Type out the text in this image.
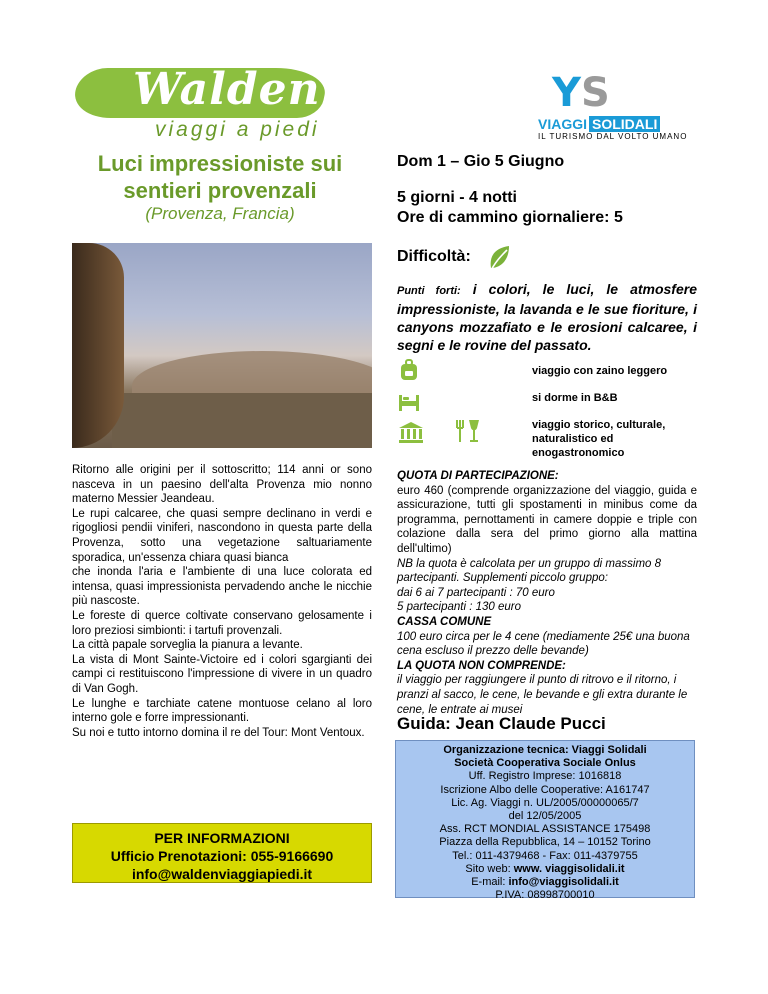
Walden
viaggi a piedi
YS
VIAGGI SOLIDALI
IL TURISMO DAL VOLTO UMANO
Luci impressioniste sui sentieri provenzali
(Provenza, Francia)
Dom 1 – Gio 5 Giugno
5 giorni - 4 notti
Ore di cammino giornaliere: 5
Difficoltà:
Punti forti: i colori, le luci, le atmosfere impressioniste, la lavanda e le sue fioriture, i canyons mozzafiato e le erosioni calcaree, i segni e le rovine del passato.
viaggio con zaino leggero
si dorme in B&B
viaggio storico, culturale, naturalistico ed enogastronomico

Ritorno alle origini per il sottoscritto; 114 anni or sono nasceva in un paesino dell'alta Provenza mio nonno materno Messier Jeandeau.

Le rupi calcaree, che quasi sempre declinano in verdi e rigogliosi pendii viniferi, nascondono in questa parte della Provenza, sotto una vegetazione saltuariamente sporadica, un'essenza chiara quasi bianca

che inonda l'aria e l'ambiente di una luce colorata ed intensa, quasi impressionista pervadendo anche le nicchie più nascoste.

Le foreste di querce coltivate conservano gelosamente i loro preziosi simbionti: i tartufi provenzali.

La città papale sorveglia la pianura a levante.

La vista di Mont Sainte-Victoire ed i colori sgargianti dei campi ci restituiscono l'impressione di vivere in un quadro di Van Gogh.

Le lunghe e tarchiate catene montuose celano al loro interno gole e forre impressionanti.

Su noi e tutto intorno domina il re del Tour: Mont Ventoux.

QUOTA DI PARTECIPAZIONE:

euro 460 (comprende organizzazione del viaggio, guida e assicurazione, tutti gli spostamenti in minibus come da programma, pernottamenti in camere doppie e triple con colazione dalla sera del primo giorno alla mattina dell'ultimo)

NB la quota è calcolata per un gruppo di massimo 8 partecipanti. Supplementi piccolo gruppo:

dai 6 ai 7 partecipanti : 70 euro

5 partecipanti : 130 euro

CASSA COMUNE

100 euro circa per le 4 cene (mediamente 25€ una buona cena escluso il prezzo delle bevande)

LA QUOTA NON COMPRENDE:

il viaggio per raggiungere il punto di ritrovo e il ritorno, i pranzi al sacco, le cene, le bevande e gli extra durante le cene, le entrate ai musei

Guida: Jean Claude Pucci
PER INFORMAZIONI
Ufficio Prenotazioni: 055-9166690
info@waldenviaggiapiedi.it
Organizzazione tecnica: Viaggi Solidali
Società Cooperativa Sociale Onlus
Uff. Registro Imprese: 1016818
Iscrizione Albo delle Cooperative: A161747
Lic. Ag. Viaggi n. UL/2005/00000065/7
del 12/05/2005
Ass. RCT MONDIAL ASSISTANCE 175498
Piazza della Repubblica, 14 – 10152 Torino
Tel.: 011-4379468 - Fax: 011-4379755
Sito web: www. viaggisolidali.it
E-mail: info@viaggisolidali.it
P.IVA: 08998700010
